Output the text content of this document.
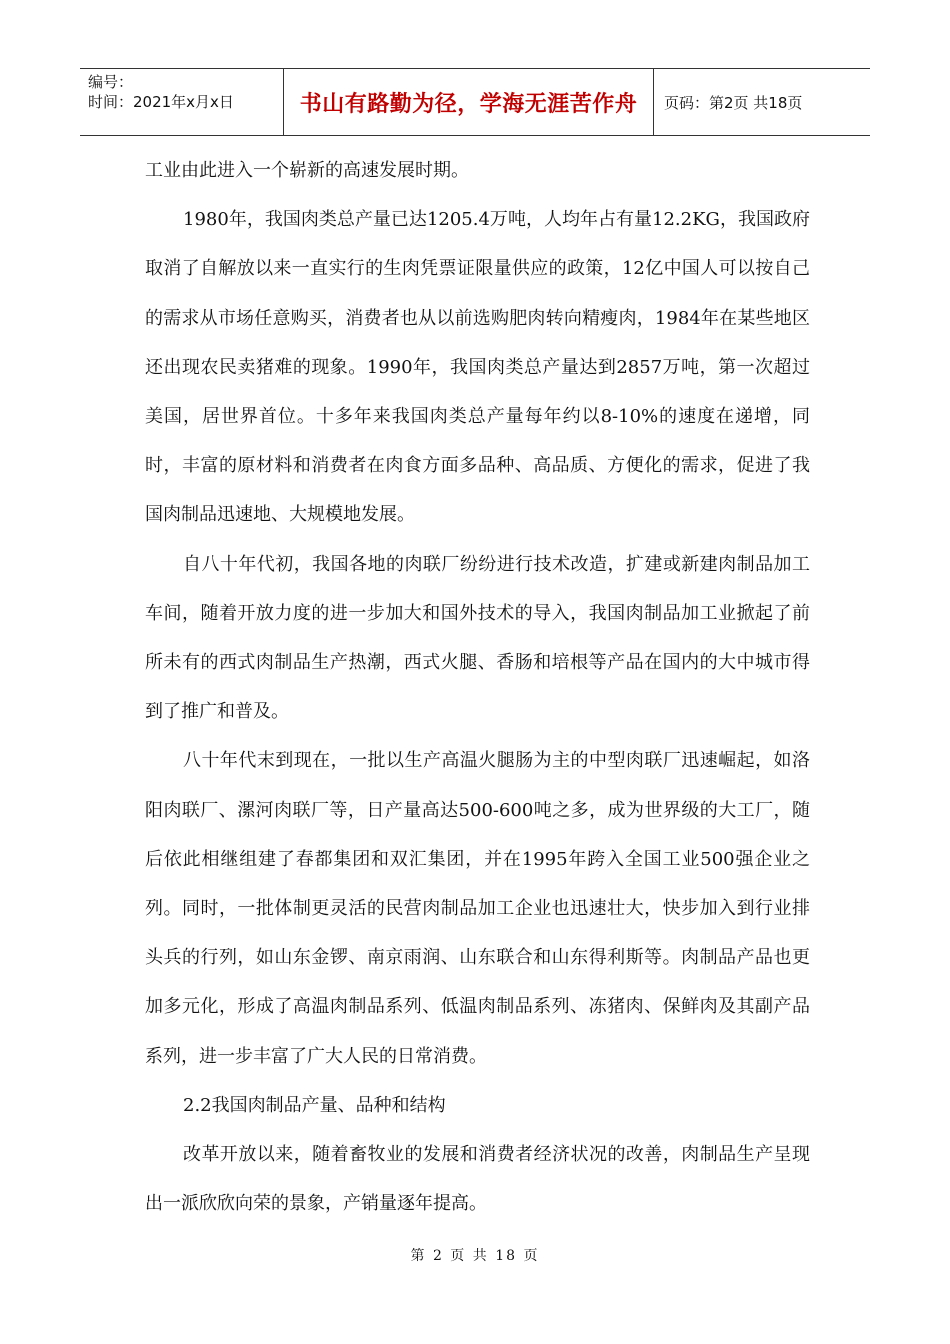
编号：
时间：2021年x月x日	书山有路勤为径，学海无涯苦作舟	页码：第2页 共18页

工业由此进入一个崭新的高速发展时期。

1980年，我国肉类总产量已达1205.4万吨，人均年占有量12.2KG，我国政府取消了自解放以来一直实行的生肉凭票证限量供应的政策，12亿中国人可以按自己的需求从市场任意购买，消费者也从以前选购肥肉转向精瘦肉，1984年在某些地区还出现农民卖猪难的现象。1990年，我国肉类总产量达到2857万吨，第一次超过美国，居世界首位。十多年来我国肉类总产量每年约以8-10%的速度在递增，同时，丰富的原材料和消费者在肉食方面多品种、高品质、方便化的需求，促进了我国肉制品迅速地、大规模地发展。

自八十年代初，我国各地的肉联厂纷纷进行技术改造，扩建或新建肉制品加工车间，随着开放力度的进一步加大和国外技术的导入，我国肉制品加工业掀起了前所未有的西式肉制品生产热潮，西式火腿、香肠和培根等产品在国内的大中城市得到了推广和普及。

八十年代末到现在，一批以生产高温火腿肠为主的中型肉联厂迅速崛起，如洛阳肉联厂、漯河肉联厂等，日产量高达500-600吨之多，成为世界级的大工厂，随后依此相继组建了春都集团和双汇集团，并在1995年跨入全国工业500强企业之列。同时，一批体制更灵活的民营肉制品加工企业也迅速壮大，快步加入到行业排头兵的行列，如山东金锣、南京雨润、山东联合和山东得利斯等。肉制品产品也更加多元化，形成了高温肉制品系列、低温肉制品系列、冻猪肉、保鲜肉及其副产品系列，进一步丰富了广大人民的日常消费。

2.2我国肉制品产量、品种和结构

改革开放以来，随着畜牧业的发展和消费者经济状况的改善，肉制品生产呈现出一派欣欣向荣的景象，产销量逐年提高。

第 2 页 共 18 页
